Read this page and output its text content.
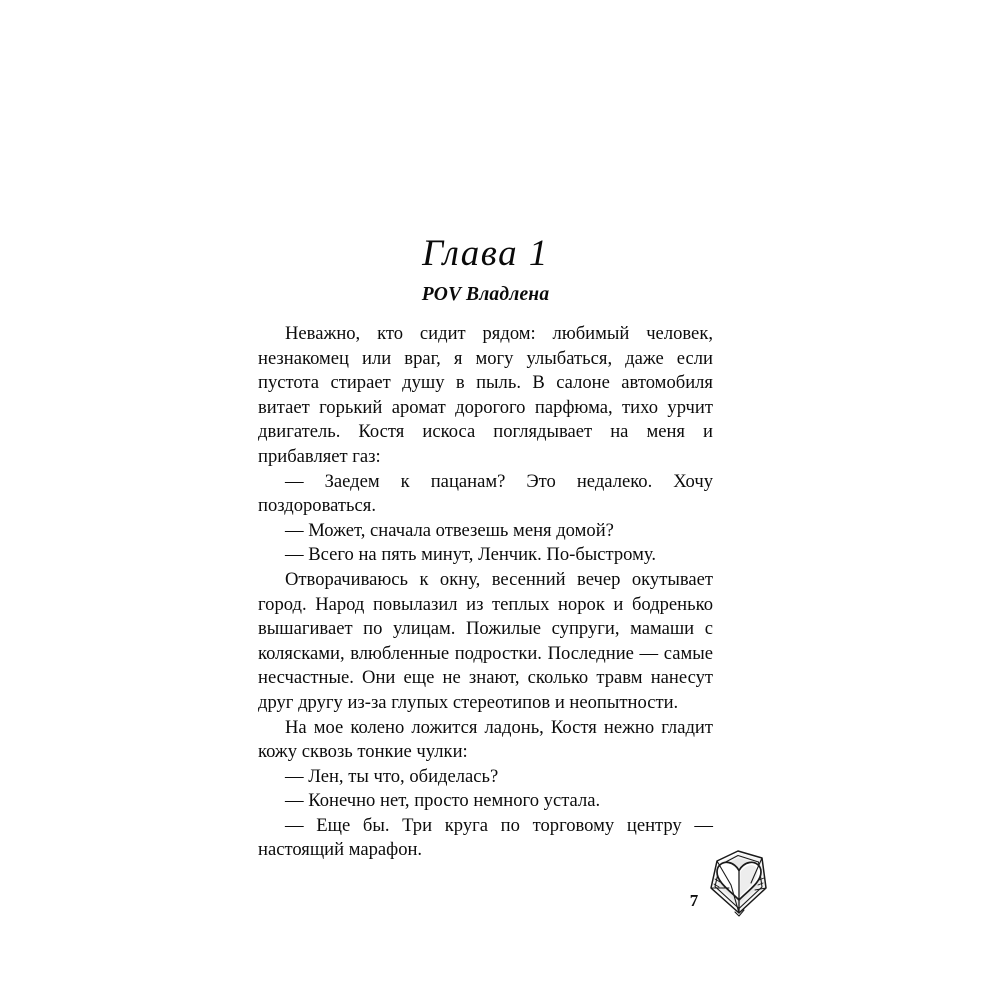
Глава 1
POV Владлена

Неважно, кто сидит рядом: любимый человек, незнакомец или враг, я могу улыбаться, даже если пустота стирает душу в пыль. В салоне автомобиля витает горький аромат дорогого парфюма, тихо урчит двигатель. Костя искоса поглядывает на меня и прибавляет газ:

— Заедем к пацанам? Это недалеко. Хочу поздороваться.

— Может, сначала отвезешь меня домой?

— Всего на пять минут, Ленчик. По-быстрому.

Отворачиваюсь к окну, весенний вечер окутывает город. Народ повылазил из теплых норок и бодренько вышагивает по улицам. Пожилые супруги, мамаши с колясками, влюбленные подростки. Последние — самые несчастные. Они еще не знают, сколько травм нанесут друг другу из-за глупых стереотипов и неопытности.

На мое колено ложится ладонь, Костя нежно гладит кожу сквозь тонкие чулки:

— Лен, ты что, обиделась?

— Конечно нет, просто немного устала.

— Еще бы. Три круга по торговому центру — настоящий марафон.

7
